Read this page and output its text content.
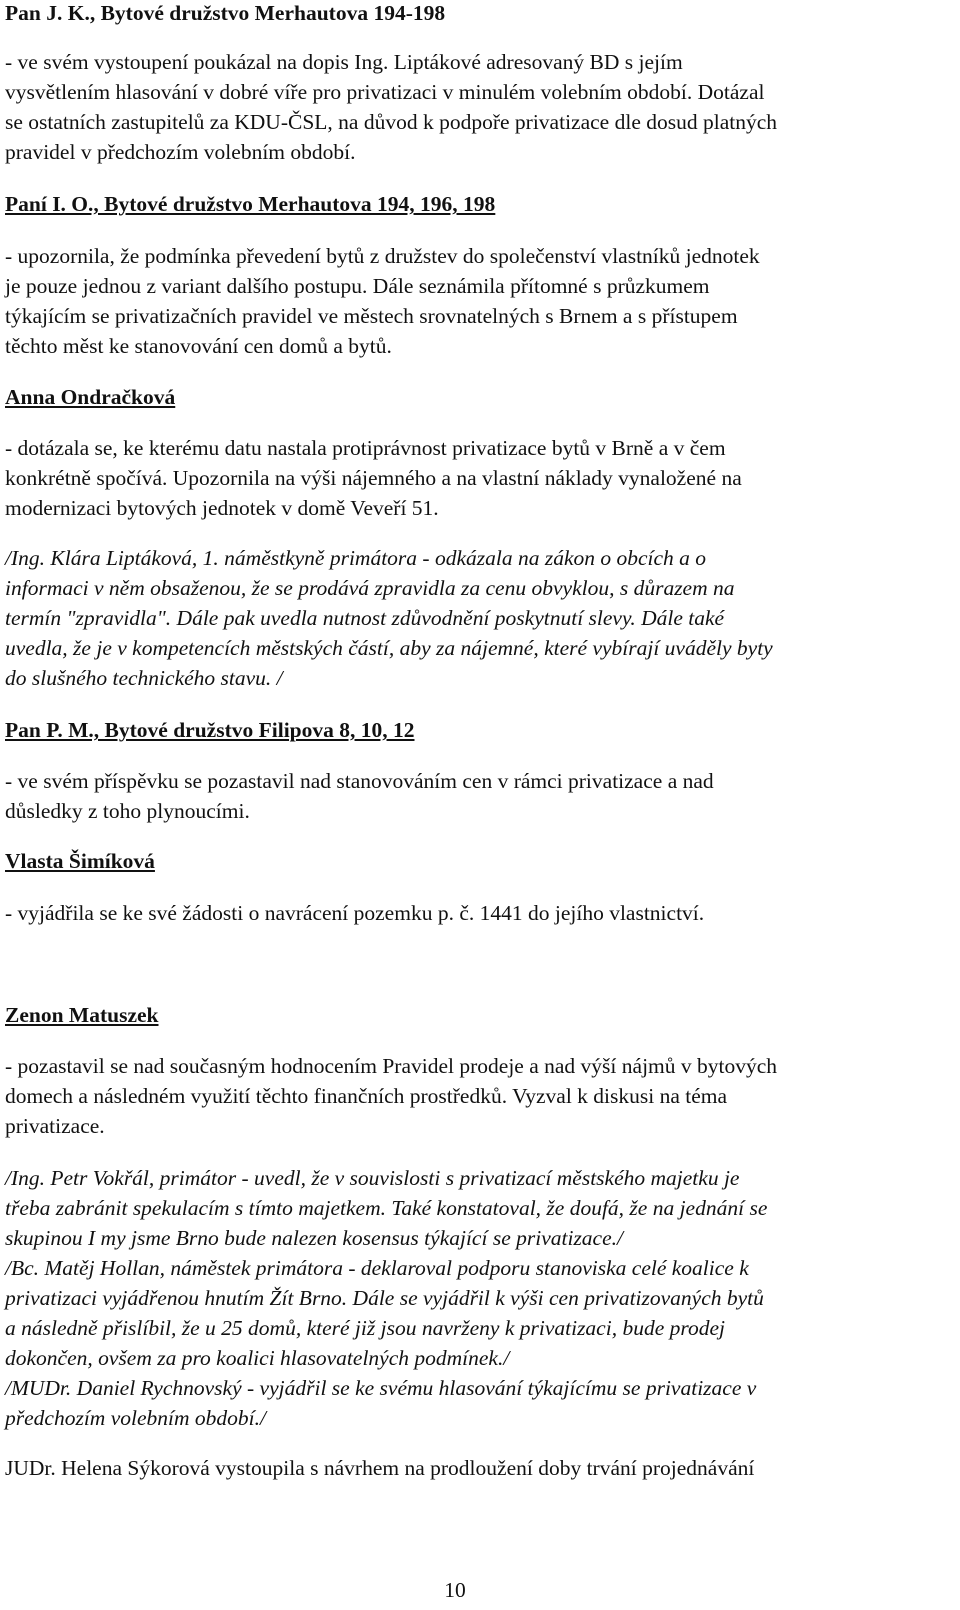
Pan J. K., Bytové družstvo Merhautova 194-198
- ve svém vystoupení poukázal na dopis Ing. Liptákové adresovaný BD s jejím
vysvětlením hlasování v dobré víře pro privatizaci v minulém volebním období. Dotázal
se ostatních zastupitelů za KDU-ČSL, na důvod k podpoře privatizace dle dosud platných
pravidel v předchozím volebním období.
Paní I. O., Bytové družstvo Merhautova 194, 196, 198
- upozornila, že podmínka převedení bytů z družstev do společenství vlastníků jednotek
je pouze jednou z variant dalšího postupu. Dále seznámila přítomné s průzkumem
týkajícím se privatizačních pravidel ve městech srovnatelných s Brnem a s přístupem
těchto měst ke stanovování cen domů a bytů.
Anna Ondračková
- dotázala se, ke kterému datu nastala protiprávnost privatizace bytů v Brně a v čem
konkrétně spočívá. Upozornila na výši nájemného a na vlastní náklady vynaložené na
modernizaci bytových jednotek v domě Veveří 51.
/Ing. Klára Liptáková, 1. náměstkyně primátora - odkázala na zákon o obcích a o
informaci v něm obsaženou, že se prodává zpravidla za cenu obvyklou, s důrazem na
termín "zpravidla". Dále pak uvedla nutnost zdůvodnění poskytnutí slevy. Dále také
uvedla, že je v kompetencích městských částí, aby za nájemné, které vybírají uváděly byty
do slušného technického stavu. /
Pan P. M., Bytové družstvo Filipova 8, 10, 12
- ve svém příspěvku se pozastavil nad stanovováním cen v rámci privatizace a nad
důsledky z toho plynoucími.
Vlasta Šimíková
- vyjádřila se ke své žádosti o navrácení pozemku p. č. 1441 do jejího vlastnictví.
Zenon Matuszek
- pozastavil se nad současným hodnocením Pravidel prodeje a nad výší nájmů v bytových
domech a následném využití těchto finančních prostředků. Vyzval k diskusi na téma
privatizace.
/Ing. Petr Vokřál, primátor - uvedl, že v souvislosti s privatizací městského majetku je
třeba zabránit spekulacím s tímto majetkem. Také konstatoval, že doufá, že na jednání se
skupinou I my jsme Brno bude nalezen kosensus týkající se privatizace./
/Bc. Matěj Hollan, náměstek primátora - deklaroval podporu stanoviska celé koalice k
privatizaci vyjádřenou hnutím Žít Brno. Dále se vyjádřil k výši cen privatizovaných bytů
a následně přislíbil, že u 25 domů, které již jsou navrženy k privatizaci, bude prodej
dokončen, ovšem za pro koalici hlasovatelných podmínek./
/MUDr. Daniel Rychnovský - vyjádřil se ke svému hlasování týkajícímu se privatizace v
předchozím volebním období./
JUDr. Helena Sýkorová vystoupila s návrhem na prodloužení doby trvání projednávání
10
